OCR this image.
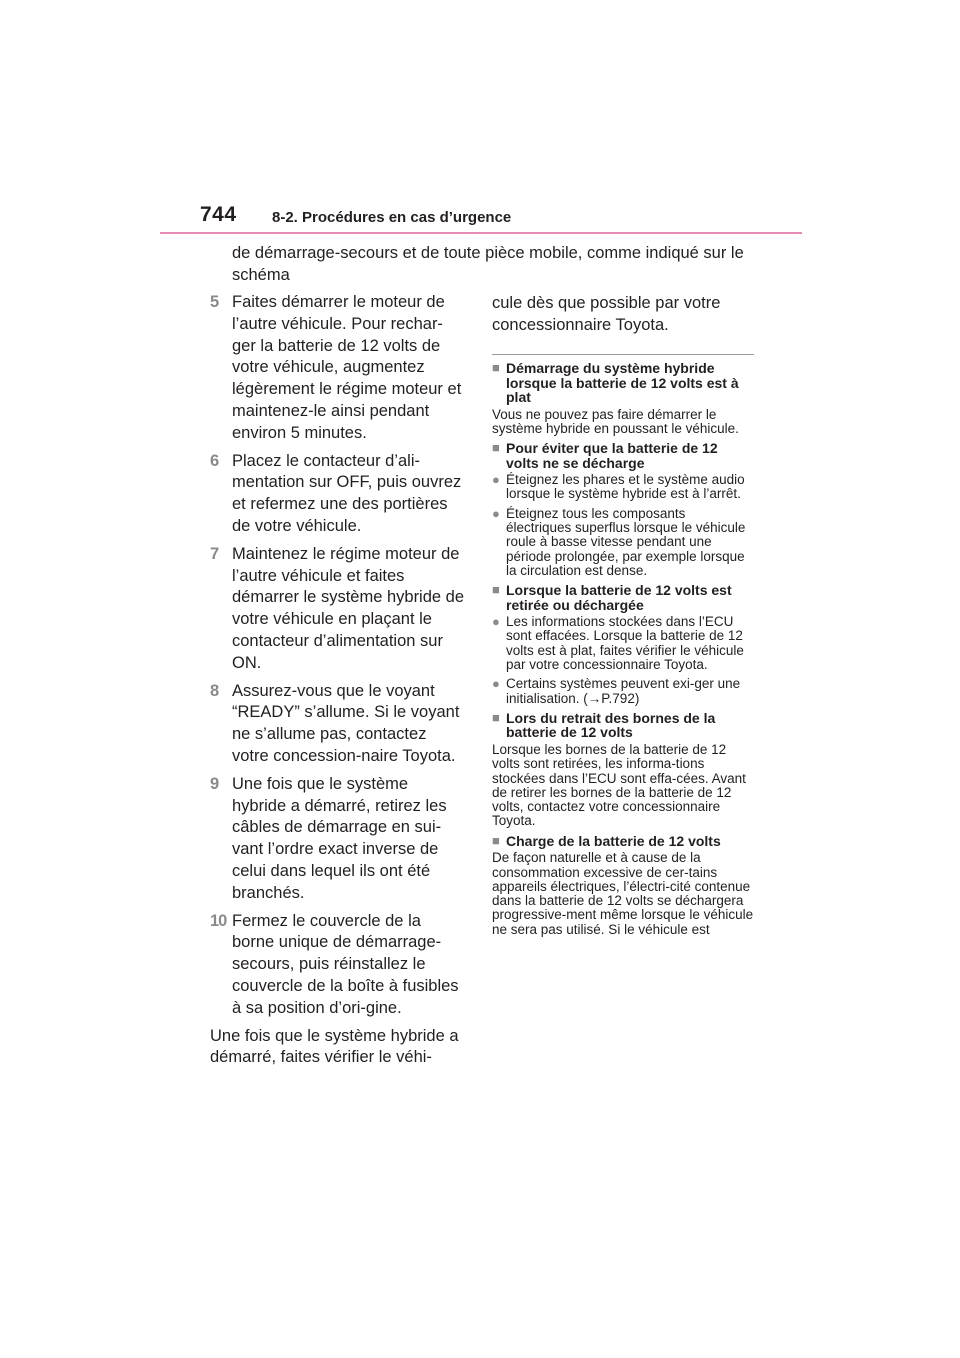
744 8-2. Procédures en cas d’urgence
de démarrage-secours et de toute pièce mobile, comme indiqué sur le schéma
5 Faites démarrer le moteur de l’autre véhicule. Pour rechar-ger la batterie de 12 volts de votre véhicule, augmentez légèrement le régime moteur et maintenez-le ainsi pendant environ 5 minutes.
6 Placez le contacteur d’ali-mentation sur OFF, puis ouvrez et refermez une des portières de votre véhicule.
7 Maintenez le régime moteur de l’autre véhicule et faites démarrer le système hybride de votre véhicule en plaçant le contacteur d’alimentation sur ON.
8 Assurez-vous que le voyant “READY” s’allume. Si le voyant ne s’allume pas, contactez votre concession-naire Toyota.
9 Une fois que le système hybride a démarré, retirez les câbles de démarrage en sui-vant l’ordre exact inverse de celui dans lequel ils ont été branchés.
10 Fermez le couvercle de la borne unique de démarrage-secours, puis réinstallez le couvercle de la boîte à fusibles à sa position d’ori-gine.
Une fois que le système hybride a démarré, faites vérifier le véhi-
cule dès que possible par votre concessionnaire Toyota.
■ Démarrage du système hybride lorsque la batterie de 12 volts est à plat
Vous ne pouvez pas faire démarrer le système hybride en poussant le véhicule.
■ Pour éviter que la batterie de 12 volts ne se décharge
● Éteignez les phares et le système audio lorsque le système hybride est à l’arrêt.
● Éteignez tous les composants électriques superflus lorsque le véhicule roule à basse vitesse pendant une période prolongée, par exemple lorsque la circulation est dense.
■ Lorsque la batterie de 12 volts est retirée ou déchargée
● Les informations stockées dans l’ECU sont effacées. Lorsque la batterie de 12 volts est à plat, faites vérifier le véhicule par votre concessionnaire Toyota.
● Certains systèmes peuvent exi-ger une initialisation. (→P.792)
■ Lors du retrait des bornes de la batterie de 12 volts
Lorsque les bornes de la batterie de 12 volts sont retirées, les informa-tions stockées dans l’ECU sont effa-cées. Avant de retirer les bornes de la batterie de 12 volts, contactez votre concessionnaire Toyota.
■ Charge de la batterie de 12 volts
De façon naturelle et à cause de la consommation excessive de cer-tains appareils électriques, l’électri-cité contenue dans la batterie de 12 volts se déchargera progressive-ment même lorsque le véhicule ne sera pas utilisé. Si le véhicule est
